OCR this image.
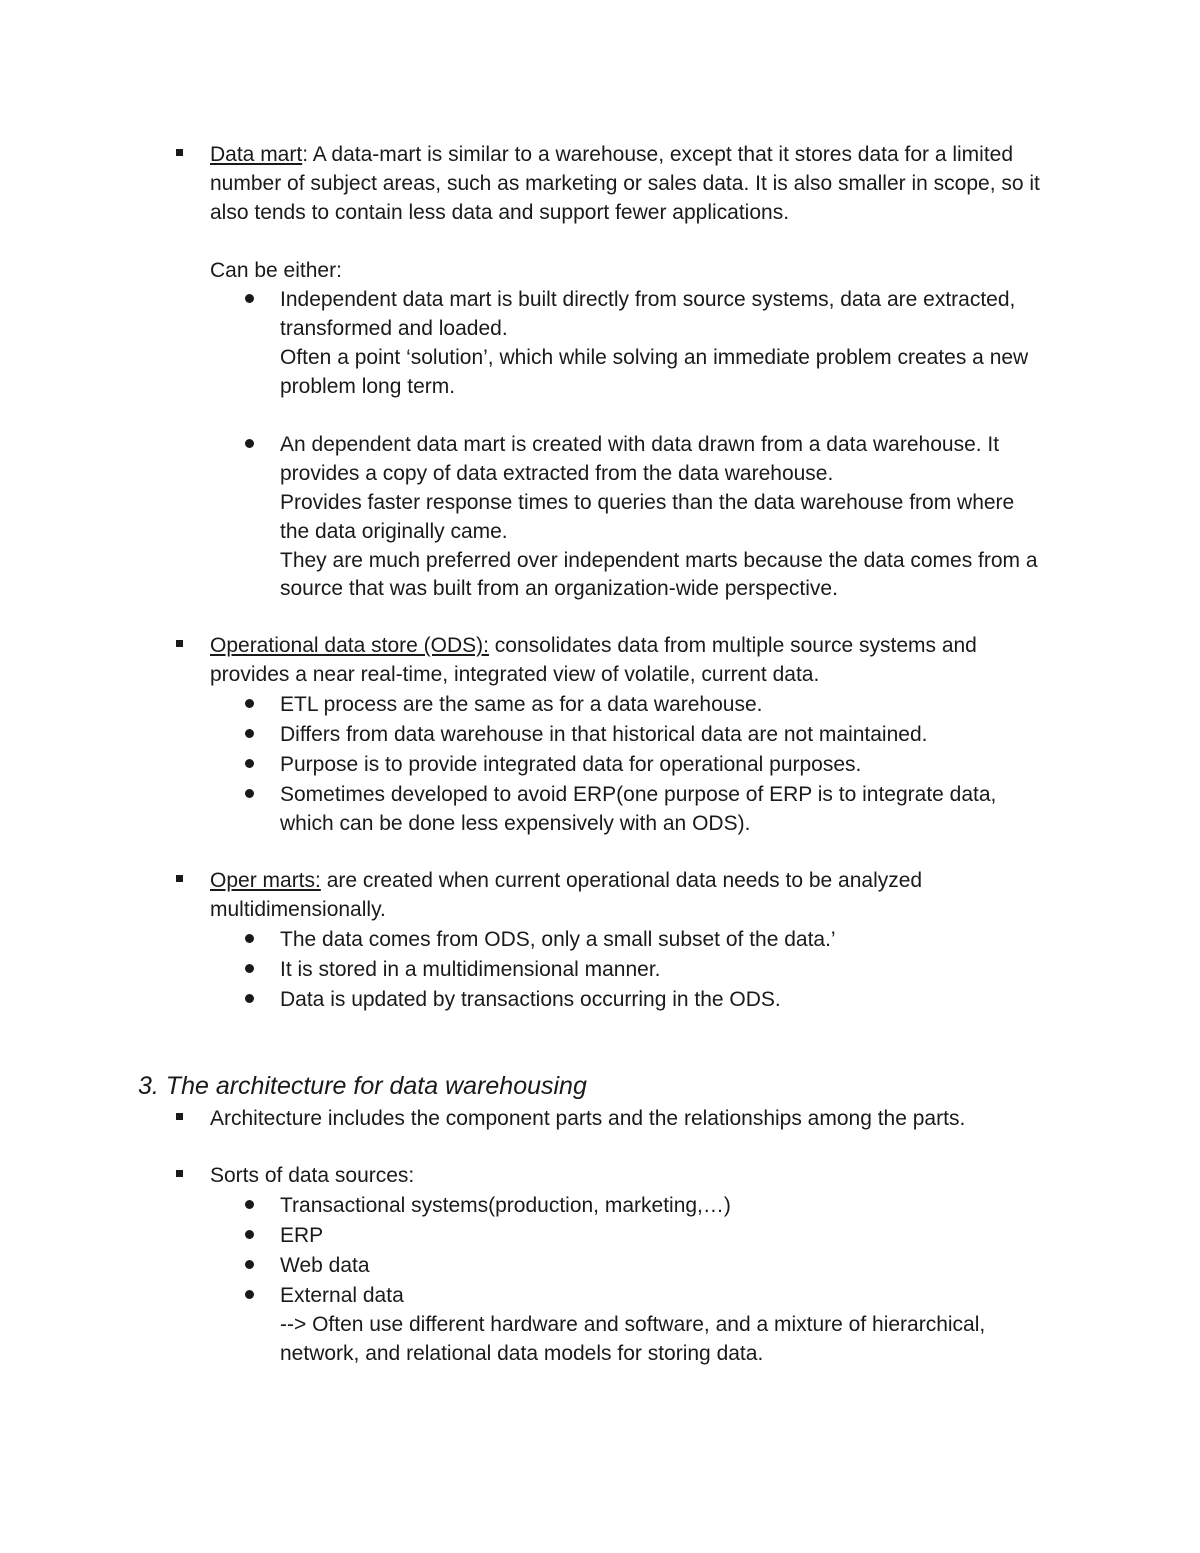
Data mart: A data-mart is similar to a warehouse, except that it stores data for a limited
number of subject areas, such as marketing or sales data. It is also smaller in scope, so it
also tends to contain less data and support fewer applications.
Can be either:
Independent data mart is built directly from source systems, data are extracted,
transformed and loaded.
Often a point ‘solution’, which while solving an immediate problem creates a new
problem long term.
An dependent data mart is created with data drawn from a data warehouse. It
provides a copy of data extracted from the data warehouse.
Provides faster response times to queries than the data warehouse from where
the data originally came.
They are much preferred over independent marts because the data comes from a
source that was built from an organization-wide perspective.
Operational data store (ODS): consolidates data from multiple source systems and
provides a near real-time, integrated view of volatile, current data.
ETL process are the same as for a data warehouse.
Differs from data warehouse in that historical data are not maintained.
Purpose is to provide integrated data for operational purposes.
Sometimes developed to avoid ERP(one purpose of ERP is to integrate data,
which can be done less expensively with an ODS).
Oper marts: are created when current operational data needs to be analyzed
multidimensionally.
The data comes from ODS, only a small subset of the data.’
It is stored in a multidimensional manner.
Data is updated by transactions occurring in the ODS.
3. The architecture for data warehousing
Architecture includes the component parts and the relationships among the parts.
Sorts of data sources:
Transactional systems(production, marketing,…)
ERP
Web data
External data
--> Often use different hardware and software, and a mixture of hierarchical,
network, and relational data models for storing data.
